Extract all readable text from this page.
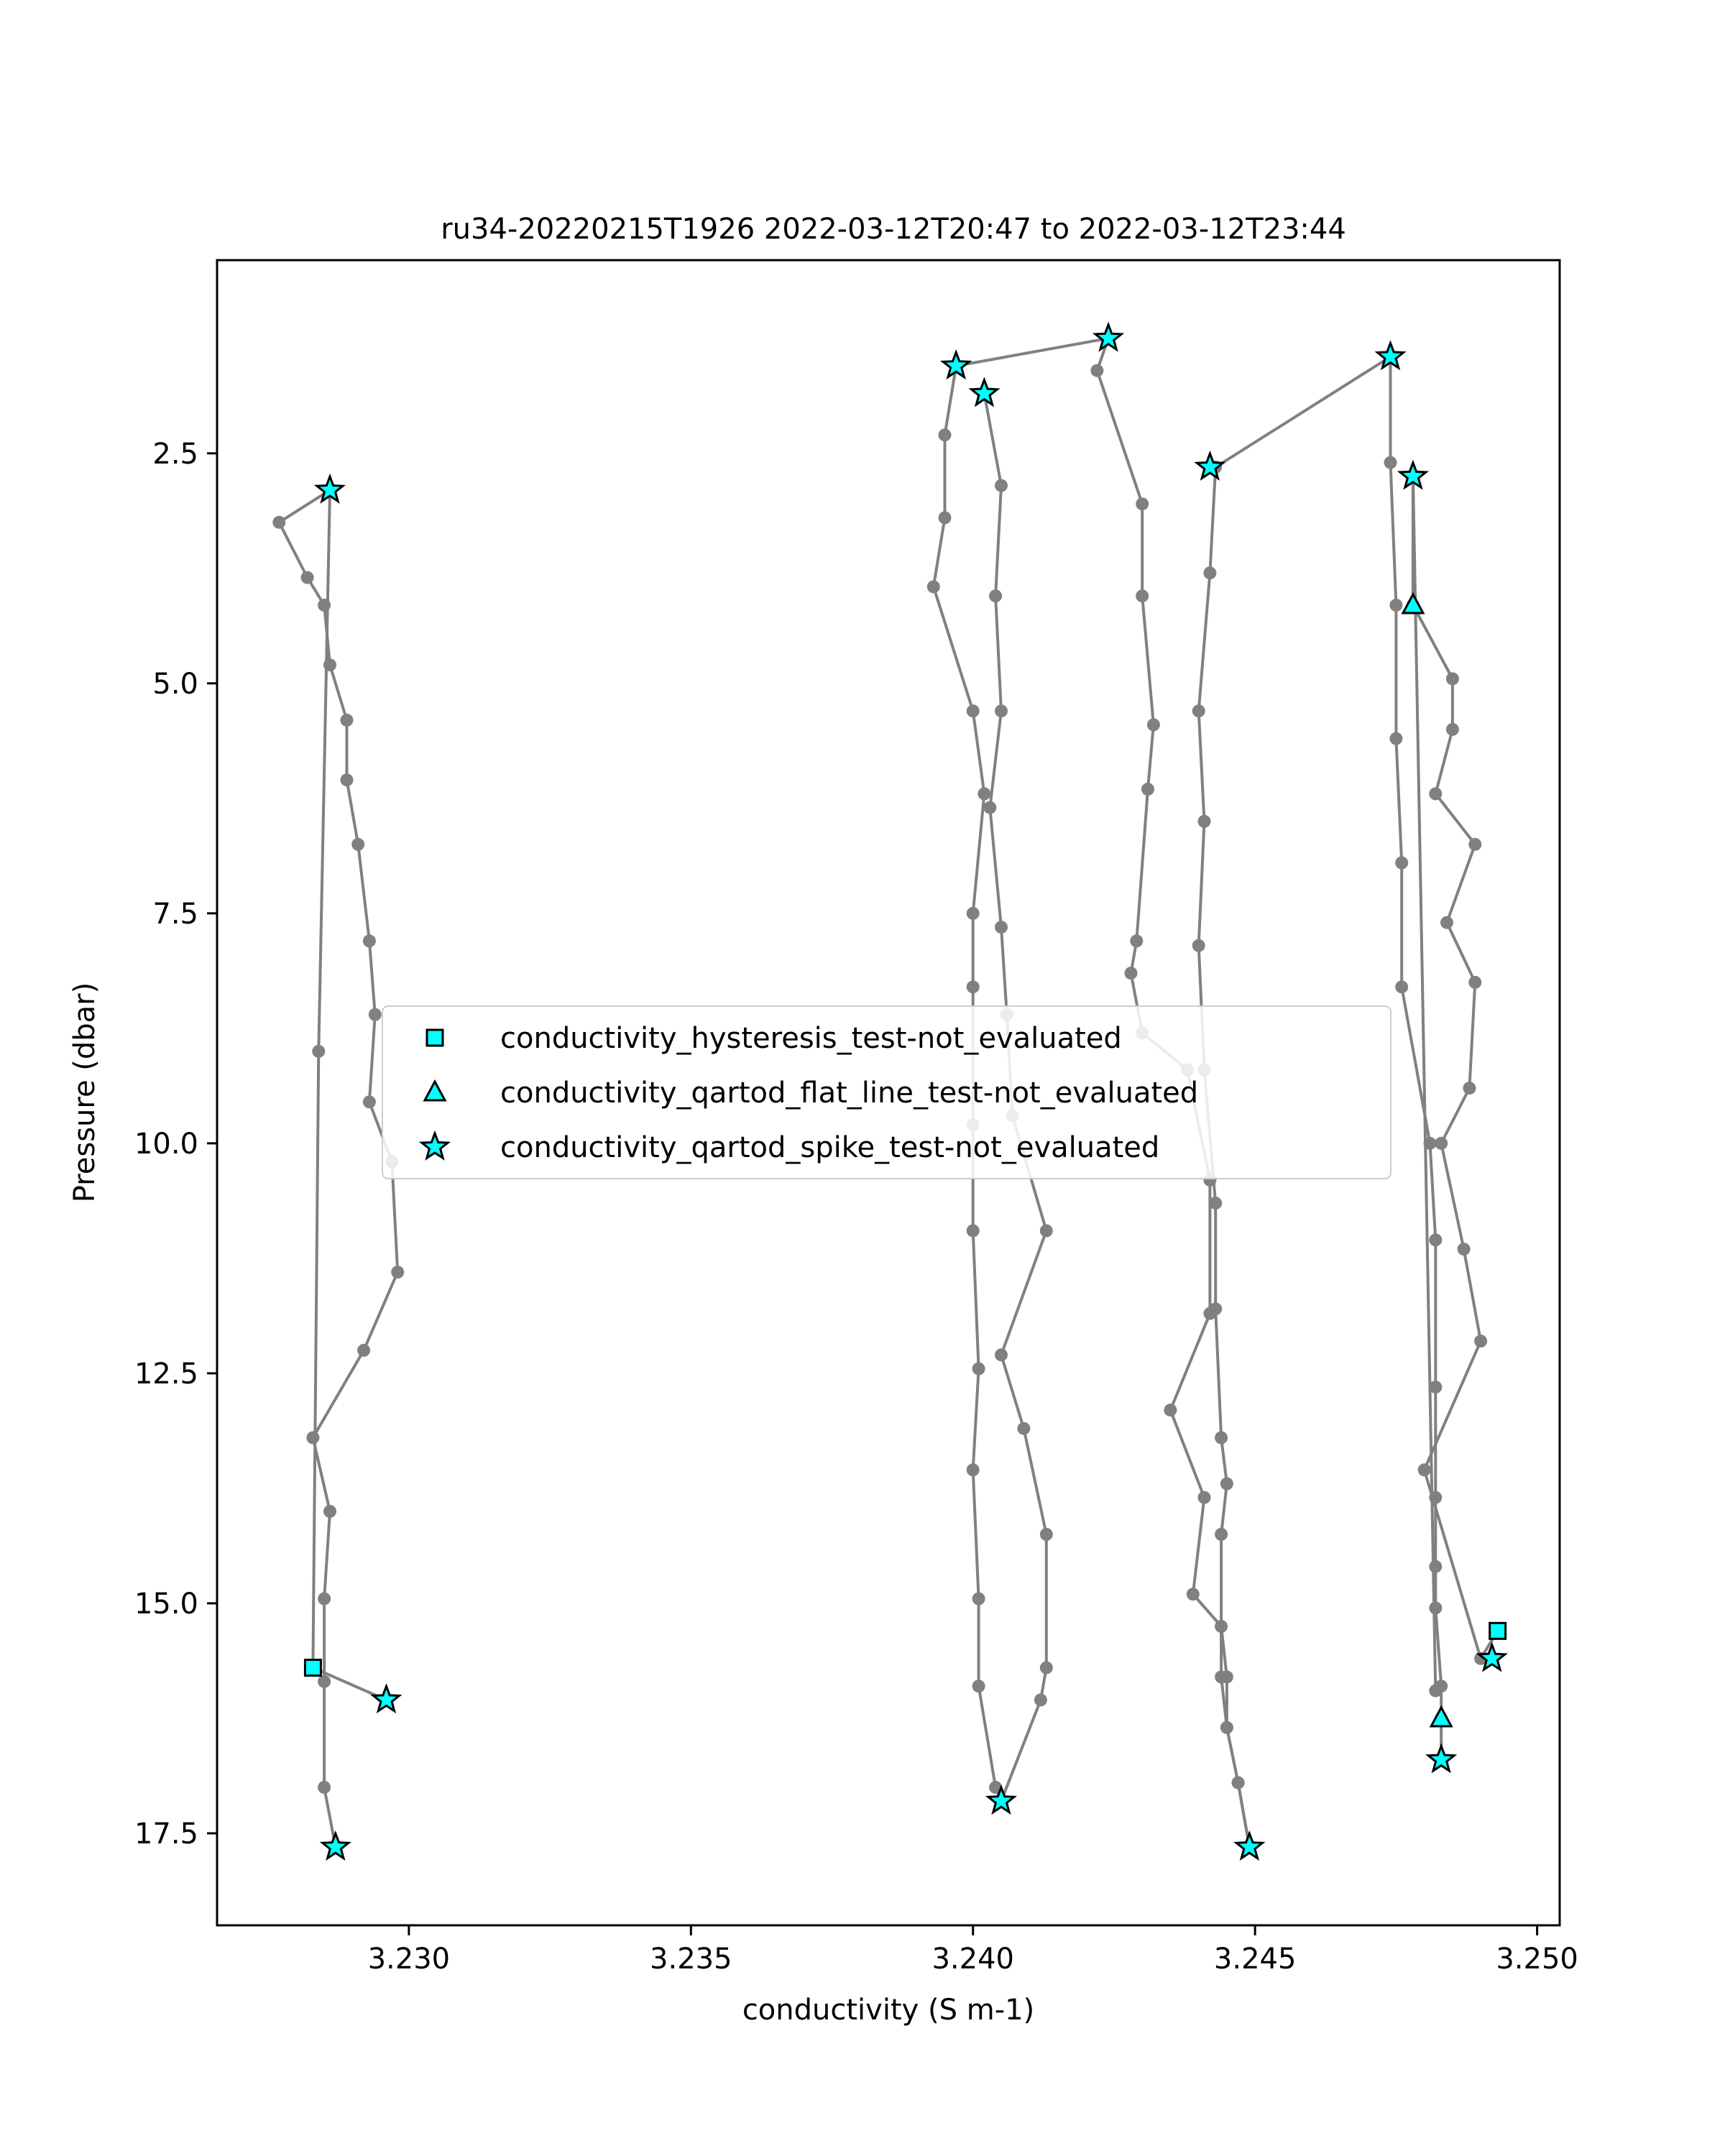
ru34-20220215T1926 2022-03-12T20:47 to 2022-03-12T23:44
3.230	3.235	3.240	3.245	3.250
2.5
5.0
7.5
10.0
12.5
15.0
17.5
conductivity (S m-1)
Pressure (dbar)	conductivity_hysteresis_test-not_evaluated
conductivity_qartod_flat_line_test-not_evaluated
conductivity_qartod_spike_test-not_evaluated
